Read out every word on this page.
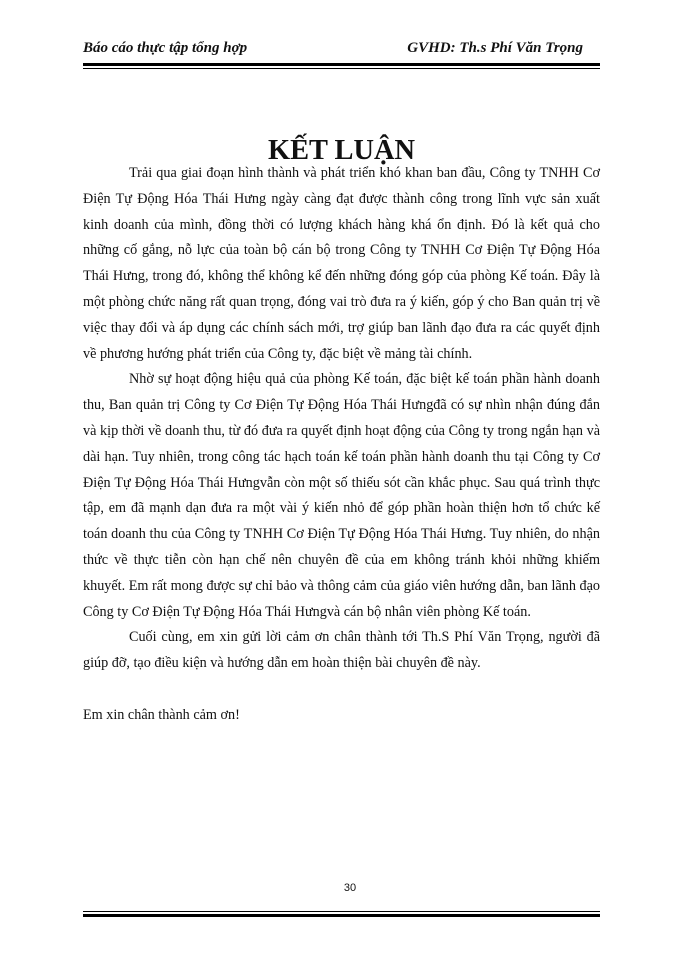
Báo cáo thực tập tổng hợp	GVHD: Th.s Phí Văn Trọng
KẾT LUẬN

Trải qua giai đoạn hình thành và phát triển khó khan ban đầu, Công ty TNHH Cơ Điện Tự Động Hóa Thái Hưng ngày càng đạt được thành công trong lĩnh vực sản xuất kinh doanh của mình, đồng thời có lượng khách hàng khá ổn định. Đó là kết quả cho những cố gắng, nỗ lực của toàn bộ cán bộ trong Công ty TNHH Cơ Điện Tự Động Hóa Thái Hưng, trong đó, không thể không kể đến những đóng góp của phòng Kế toán. Đây là một phòng chức năng rất quan trọng, đóng vai trò đưa ra ý kiến, góp ý cho Ban quản trị về việc thay đổi và áp dụng các chính sách mới, trợ giúp ban lãnh đạo đưa ra các quyết định về phương hướng phát triển của Công ty, đặc biệt về mảng tài chính.

Nhờ sự hoạt động hiệu quả của phòng Kế toán, đặc biệt kế toán phần hành doanh thu, Ban quản trị Công ty Cơ Điện Tự Động Hóa Thái Hưngđã có sự nhìn nhận đúng đắn và kịp thời về doanh thu, từ đó đưa ra quyết định hoạt động của Công ty trong ngắn hạn và dài hạn. Tuy nhiên, trong công tác hạch toán kế toán phần hành doanh thu tại Công ty Cơ Điện Tự Động Hóa Thái Hưngvẫn còn một số thiếu sót cần khắc phục. Sau quá trình thực tập, em đã mạnh dạn đưa ra một vài ý kiến nhỏ để góp phần hoàn thiện hơn tổ chức kế toán doanh thu của Công ty TNHH Cơ Điện Tự Động Hóa Thái Hưng. Tuy nhiên, do nhận thức về thực tiễn còn hạn chế nên chuyên đề của em không tránh khỏi những khiếm khuyết. Em rất mong được sự chỉ bảo và thông cảm của giáo viên hướng dẫn, ban lãnh đạo Công ty Cơ Điện Tự Động Hóa Thái Hưngvà cán bộ nhân viên phòng Kế toán.

Cuối cùng, em xin gửi lời cảm ơn chân thành tới Th.S Phí Văn Trọng, người đã giúp đỡ, tạo điều kiện và hướng dẫn em hoàn thiện bài chuyên đề này.

Em xin chân thành cảm ơn!

30
